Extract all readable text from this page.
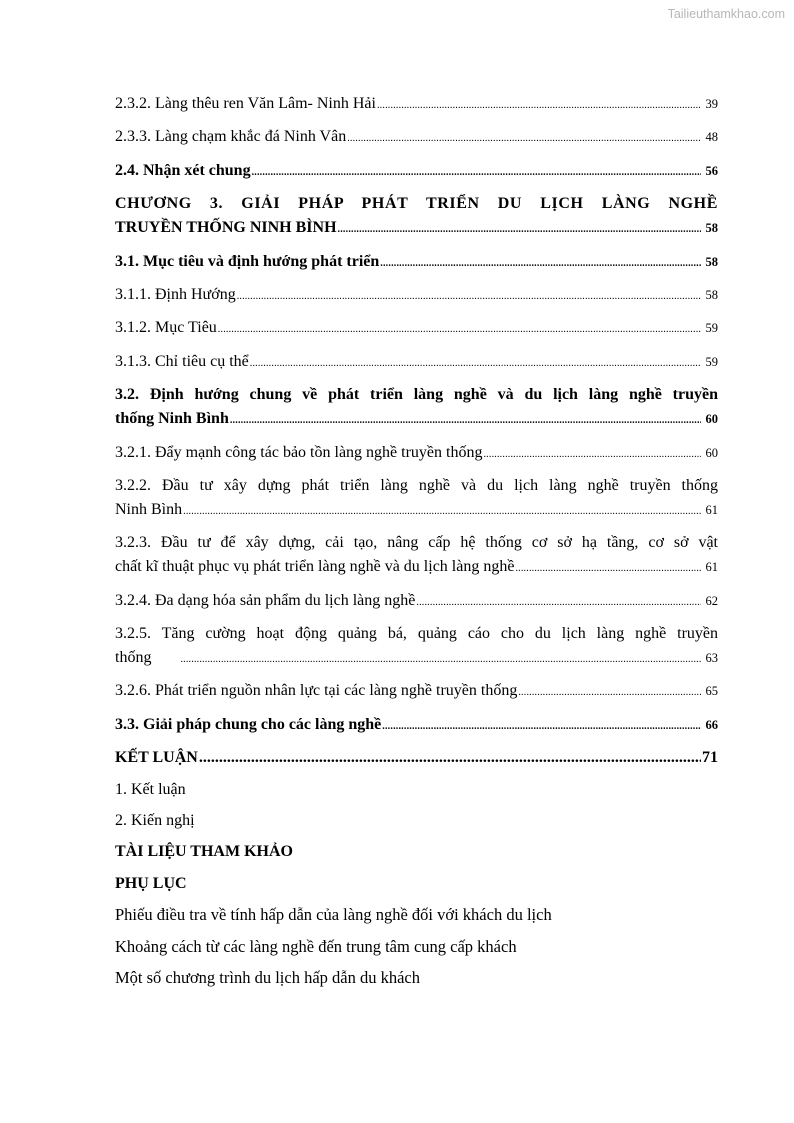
Tailieuthamkhao.com
2.3.2. Làng thêu ren Văn Lâm- Ninh Hải .....	39
2.3.3. Làng chạm khắc đá Ninh Vân .....	48
2.4. Nhận xét chung .....	56
CHƯƠNG 3. GIẢI PHÁP PHÁT TRIỂN DU LỊCH LÀNG NGHỀ
TRUYỀN THỐNG NINH BÌNH .....	58
3.1. Mục tiêu và định hướng phát triển .....	58
3.1.1. Định Hướng .....	58
3.1.2. Mục Tiêu .....	59
3.1.3. Chỉ tiêu cụ thể .....	59
3.2. Định hướng chung về phát triển làng nghề và du lịch làng nghề truyền
thống Ninh Bình .....	60
3.2.1. Đẩy mạnh công tác bảo tồn làng nghề truyền thống .....	60
3.2.2. Đầu tư xây dựng phát triển làng nghề và du lịch làng nghề truyền thống
Ninh Bình .....	61
3.2.3. Đầu tư để xây dựng, cải tạo, nâng cấp hệ thống cơ sở hạ tầng, cơ sở vật
chất kĩ thuật phục vụ phát triển làng nghề và du lịch làng nghề .....	61
3.2.4. Đa dạng hóa sản phẩm du lịch làng nghề .....	62
3.2.5. Tăng cường hoạt động quảng bá, quảng cáo cho du lịch làng nghề truyền
thống .....	63
3.2.6. Phát triển nguồn nhân lực tại các làng nghề truyền thống .....	65
3.3. Giải pháp chung cho các làng nghề .....	66
KẾT LUẬN .....	71
1. Kết luận
2. Kiến nghị
TÀI LIỆU THAM KHẢO
PHỤ LỤC
Phiếu điều tra về tính hấp dẫn của làng nghề đối với khách du lịch
Khoảng cách từ các làng nghề đến trung tâm cung cấp khách
Một số chương trình du lịch hấp dẫn du khách
